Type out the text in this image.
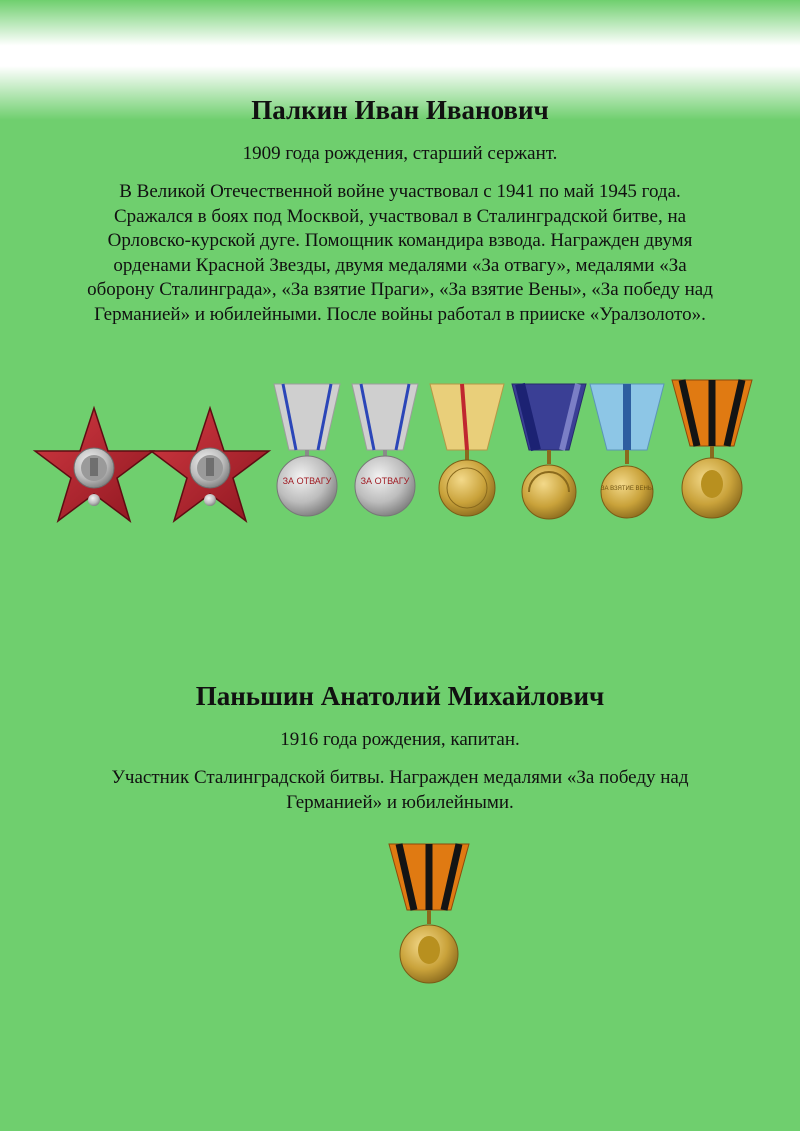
Палкин Иван Иванович

1909 года рождения, старший сержант.

В Великой Отечественной войне участвовал с 1941 по май 1945 года. Сражался в боях под Москвой, участвовал в Сталинградской битве, на Орловско-курской дуге. Помощник командира взвода. Награжден двумя орденами Красной Звезды, двумя медалями «За отвагу», медалями «За оборону Сталинграда», «За взятие Праги», «За взятие Вены», «За победу над Германией» и юбилейными. После войны работал в прииске «Уралзолото».

ЗА ОТВАГУ	ЗА ОТВАГУ
ЗА ВЗЯТИЕ ВЕНЫ
Паньшин Анатолий Михайлович

1916 года рождения, капитан.

Участник Сталинградской битвы. Награжден медалями «За победу над Германией» и юбилейными.
